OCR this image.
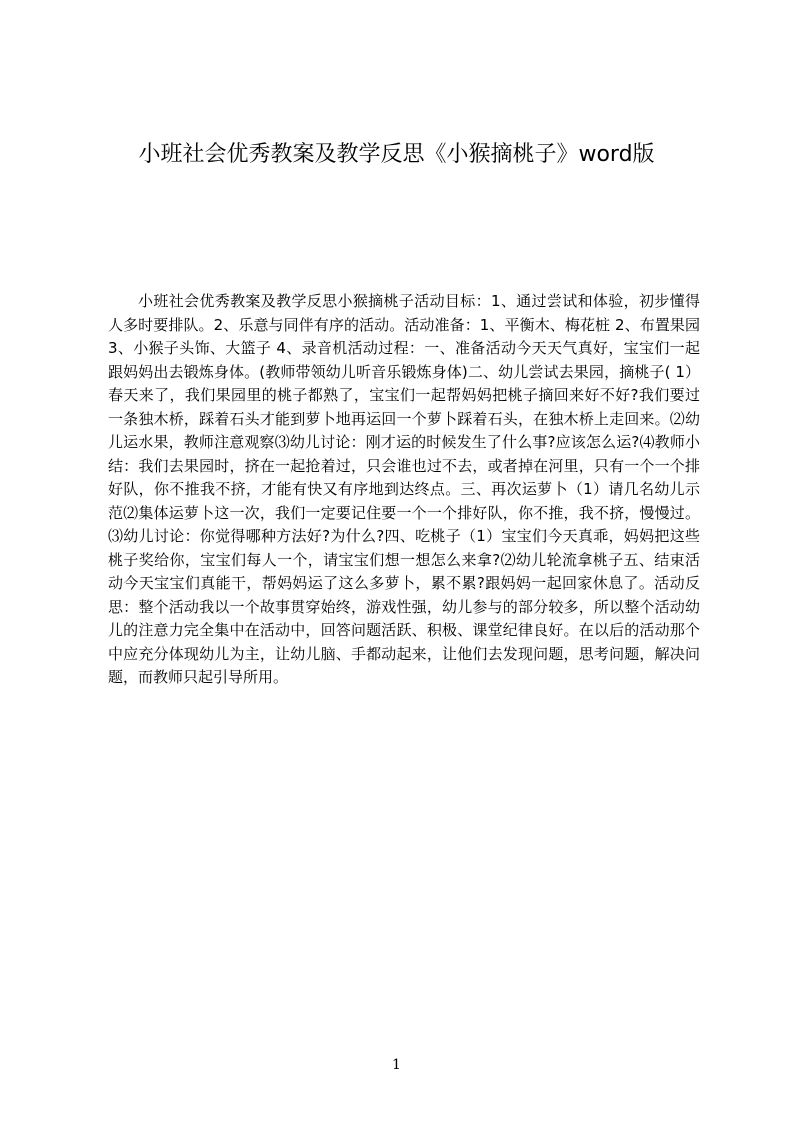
小班社会优秀教案及教学反思《小猴摘桃子》word版

小班社会优秀教案及教学反思小猴摘桃子活动目标：1、通过尝试和体验，初步懂得人多时要排队。2、乐意与同伴有序的活动。活动准备：1、平衡木、梅花桩 2、布置果园 3、小猴子头饰、大篮子 4、录音机活动过程：一、准备活动今天天气真好，宝宝们一起跟妈妈出去锻炼身体。(教师带领幼儿听音乐锻炼身体)二、幼儿尝试去果园，摘桃子( 1）春天来了，我们果园里的桃子都熟了，宝宝们一起帮妈妈把桃子摘回来好不好?我们要过一条独木桥，踩着石头才能到萝卜地再运回一个萝卜踩着石头，在独木桥上走回来。⑵幼儿运水果，教师注意观察⑶幼儿讨论：刚才运的时候发生了什么事?应该怎么运?⑷教师小结：我们去果园时，挤在一起抢着过，只会谁也过不去，或者掉在河里，只有一个一个排好队，你不推我不挤，才能有快又有序地到达终点。三、再次运萝卜（1）请几名幼儿示范⑵集体运萝卜这一次，我们一定要记住要一个一个排好队，你不推，我不挤，慢慢过。⑶幼儿讨论：你觉得哪种方法好?为什么?四、吃桃子（1）宝宝们今天真乖，妈妈把这些桃子奖给你，宝宝们每人一个，请宝宝们想一想怎么来拿?⑵幼儿轮流拿桃子五、结束活动今天宝宝们真能干，帮妈妈运了这么多萝卜，累不累?跟妈妈一起回家休息了。活动反思：整个活动我以一个故事贯穿始终，游戏性强，幼儿参与的部分较多，所以整个活动幼儿的注意力完全集中在活动中，回答问题活跃、积极、课堂纪律良好。在以后的活动那个中应充分体现幼儿为主，让幼儿脑、手都动起来，让他们去发现问题，思考问题，解决问题，而教师只起引导所用。

1
